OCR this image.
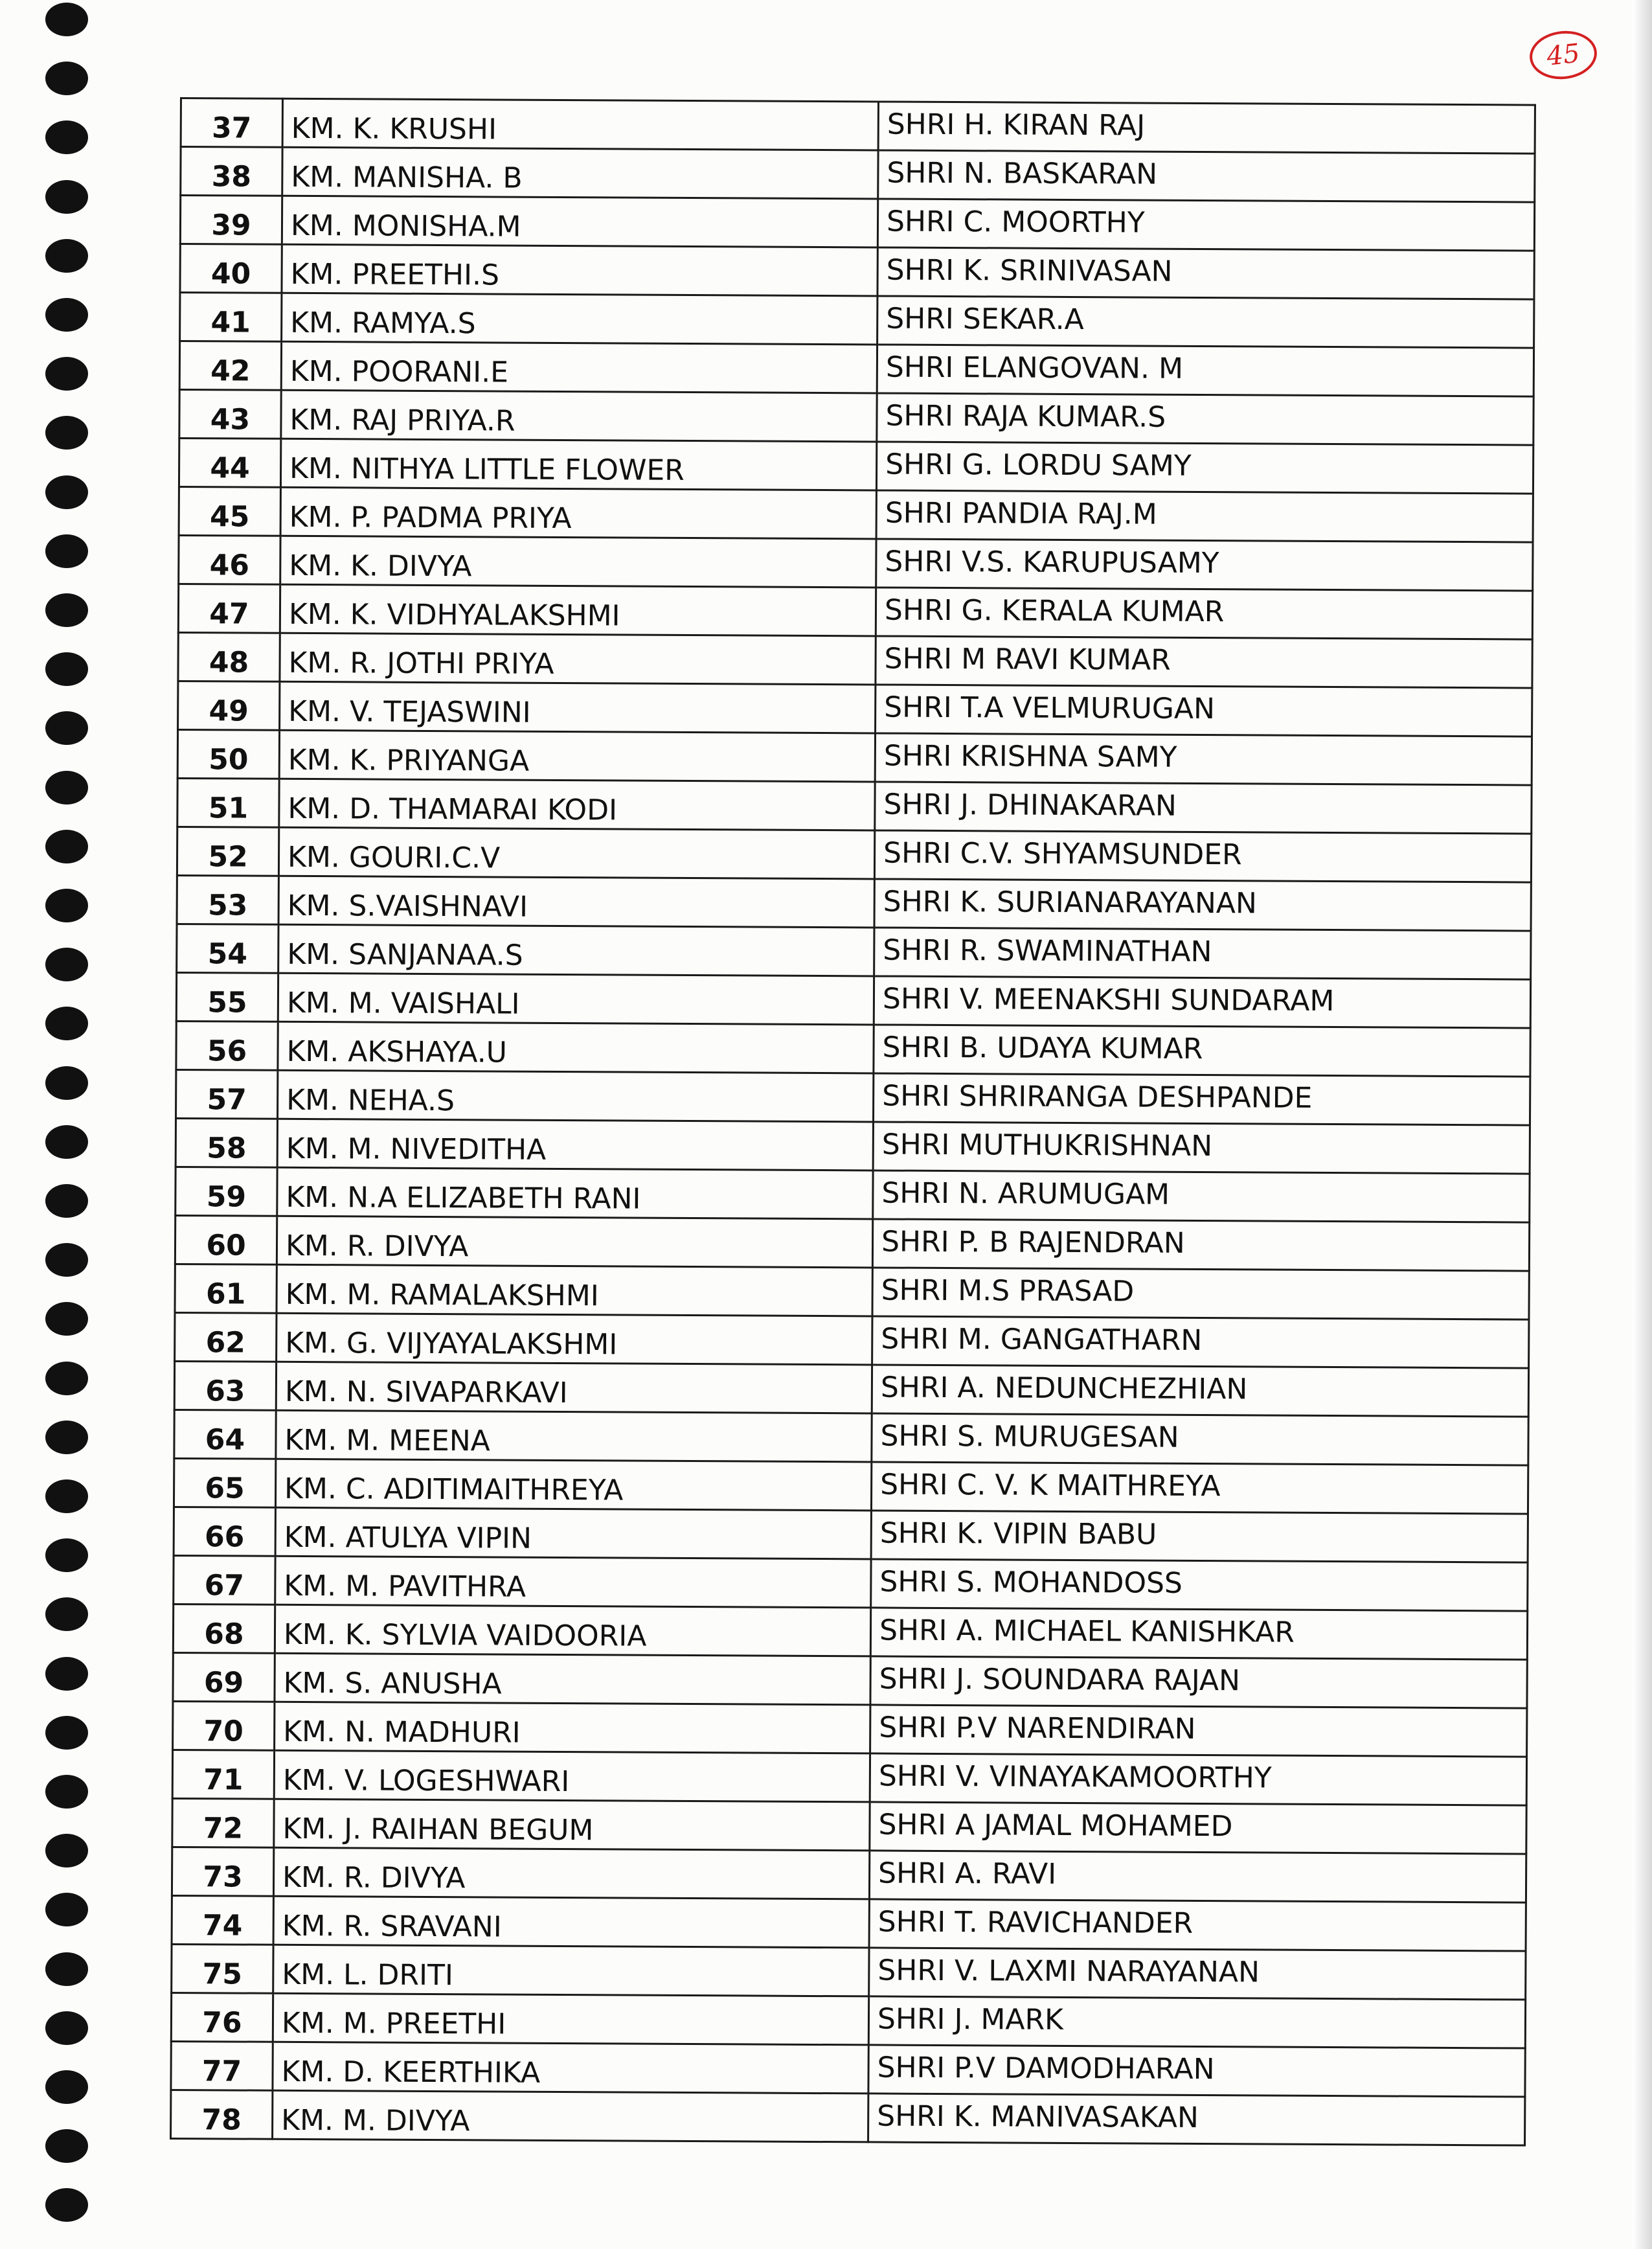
45
37	KM. K. KRUSHI	SHRI H. KIRAN RAJ
38	KM. MANISHA. B	SHRI N. BASKARAN
39	KM. MONISHA.M	SHRI C. MOORTHY
40	KM. PREETHI.S	SHRI K. SRINIVASAN
41	KM. RAMYA.S	SHRI SEKAR.A
42	KM. POORANI.E	SHRI ELANGOVAN. M
43	KM. RAJ PRIYA.R	SHRI RAJA KUMAR.S
44	KM. NITHYA LITTLE FLOWER	SHRI G. LORDU SAMY
45	KM. P. PADMA PRIYA	SHRI PANDIA RAJ.M
46	KM. K. DIVYA	SHRI V.S. KARUPUSAMY
47	KM. K. VIDHYALAKSHMI	SHRI G. KERALA KUMAR
48	KM. R. JOTHI PRIYA	SHRI M RAVI KUMAR
49	KM. V. TEJASWINI	SHRI T.A VELMURUGAN
50	KM. K. PRIYANGA	SHRI KRISHNA SAMY
51	KM. D. THAMARAI KODI	SHRI J. DHINAKARAN
52	KM. GOURI.C.V	SHRI C.V. SHYAMSUNDER
53	KM. S.VAISHNAVI	SHRI K. SURIANARAYANAN
54	KM. SANJANAA.S	SHRI R. SWAMINATHAN
55	KM. M. VAISHALI	SHRI V. MEENAKSHI SUNDARAM
56	KM. AKSHAYA.U	SHRI B. UDAYA KUMAR
57	KM. NEHA.S	SHRI SHRIRANGA DESHPANDE
58	KM. M. NIVEDITHA	SHRI MUTHUKRISHNAN
59	KM. N.A ELIZABETH RANI	SHRI N. ARUMUGAM
60	KM. R. DIVYA	SHRI P. B RAJENDRAN
61	KM. M. RAMALAKSHMI	SHRI M.S PRASAD
62	KM. G. VIJYAYALAKSHMI	SHRI M. GANGATHARN
63	KM. N. SIVAPARKAVI	SHRI A. NEDUNCHEZHIAN
64	KM. M. MEENA	SHRI S. MURUGESAN
65	KM. C. ADITIMAITHREYA	SHRI C. V. K MAITHREYA
66	KM. ATULYA VIPIN	SHRI K. VIPIN BABU
67	KM. M. PAVITHRA	SHRI S. MOHANDOSS
68	KM. K. SYLVIA VAIDOORIA	SHRI A. MICHAEL KANISHKAR
69	KM. S. ANUSHA	SHRI J. SOUNDARA RAJAN
70	KM. N. MADHURI	SHRI P.V NARENDIRAN
71	KM. V. LOGESHWARI	SHRI V. VINAYAKAMOORTHY
72	KM. J. RAIHAN BEGUM	SHRI A JAMAL MOHAMED
73	KM. R. DIVYA	SHRI A. RAVI
74	KM. R. SRAVANI	SHRI T. RAVICHANDER
75	KM. L. DRITI	SHRI V. LAXMI NARAYANAN
76	KM. M. PREETHI	SHRI J. MARK
77	KM. D. KEERTHIKA	SHRI P.V DAMODHARAN
78	KM. M. DIVYA	SHRI K. MANIVASAKAN
